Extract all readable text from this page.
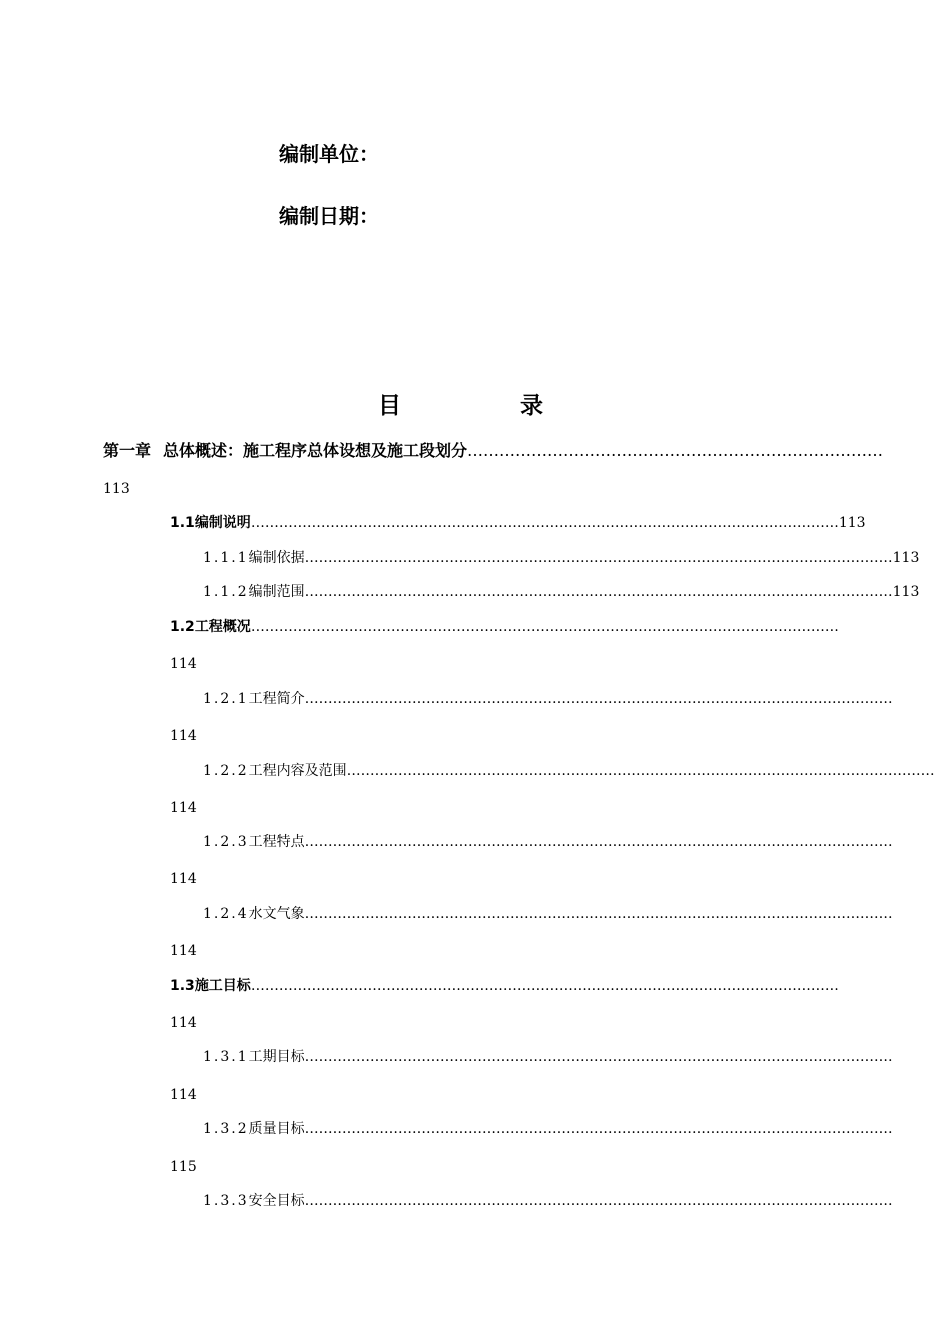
编制单位：
编制日期：
目	录
第一章 总体概述：施工程序总体设想及施工段划分 ……………………………………………………………………
113
1.1 编制说明 ……………………………………………………………………………………………………………… 113
1.1.1 编制依据 ……………………………………………………………………………………………………………… 113
1.1.2 编制范围 ……………………………………………………………………………………………………………… 113
1.2 工程概况 ………………………………………………………………………………………………………………
114
1.2.1 工程简介 ………………………………………………………………………………………………………………
114
1.2.2 工程内容及范围 ………………………………………………………………………………………………………………
114
1.2.3 工程特点 ………………………………………………………………………………………………………………
114
1.2.4 水文气象 ………………………………………………………………………………………………………………
114
1.3 施工目标 ………………………………………………………………………………………………………………
114
1.3.1 工期目标 ………………………………………………………………………………………………………………
114
1.3.2 质量目标 ………………………………………………………………………………………………………………
115
1.3.3 安全目标 ………………………………………………………………………………………………………………
